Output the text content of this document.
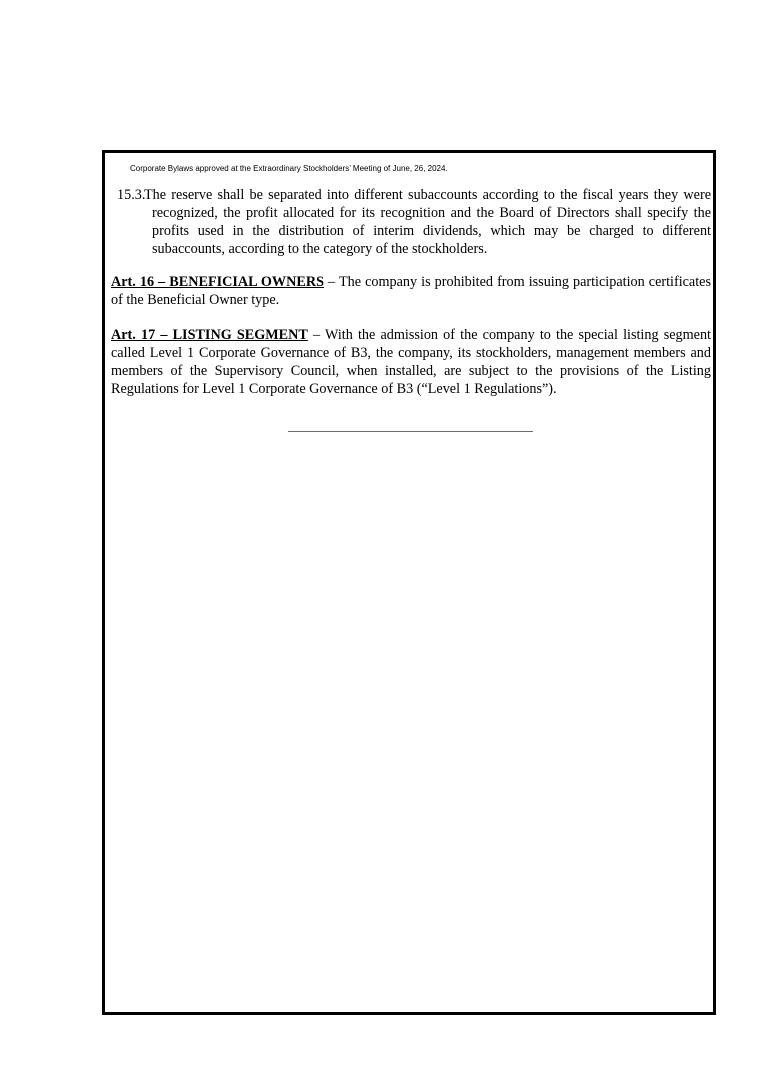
Corporate Bylaws approved at the Extraordinary Stockholders’ Meeting of June, 26, 2024.
15.3.
The reserve shall be separated into different subaccounts according to the fiscal years they were recognized, the profit allocated for its recognition and the Board of Directors shall specify the profits used in the distribution of interim dividends, which may be charged to different subaccounts, according to the category of the stockholders.
Art. 16 – BENEFICIAL OWNERS – The company is prohibited from issuing participation certificates of the Beneficial Owner type.
Art. 17 – LISTING SEGMENT – With the admission of the company to the special listing segment called Level 1 Corporate Governance of B3, the company, its stockholders, management members and members of the Supervisory Council, when installed, are subject to the provisions of the Listing Regulations for Level 1 Corporate Governance of B3 (“Level 1 Regulations”).
